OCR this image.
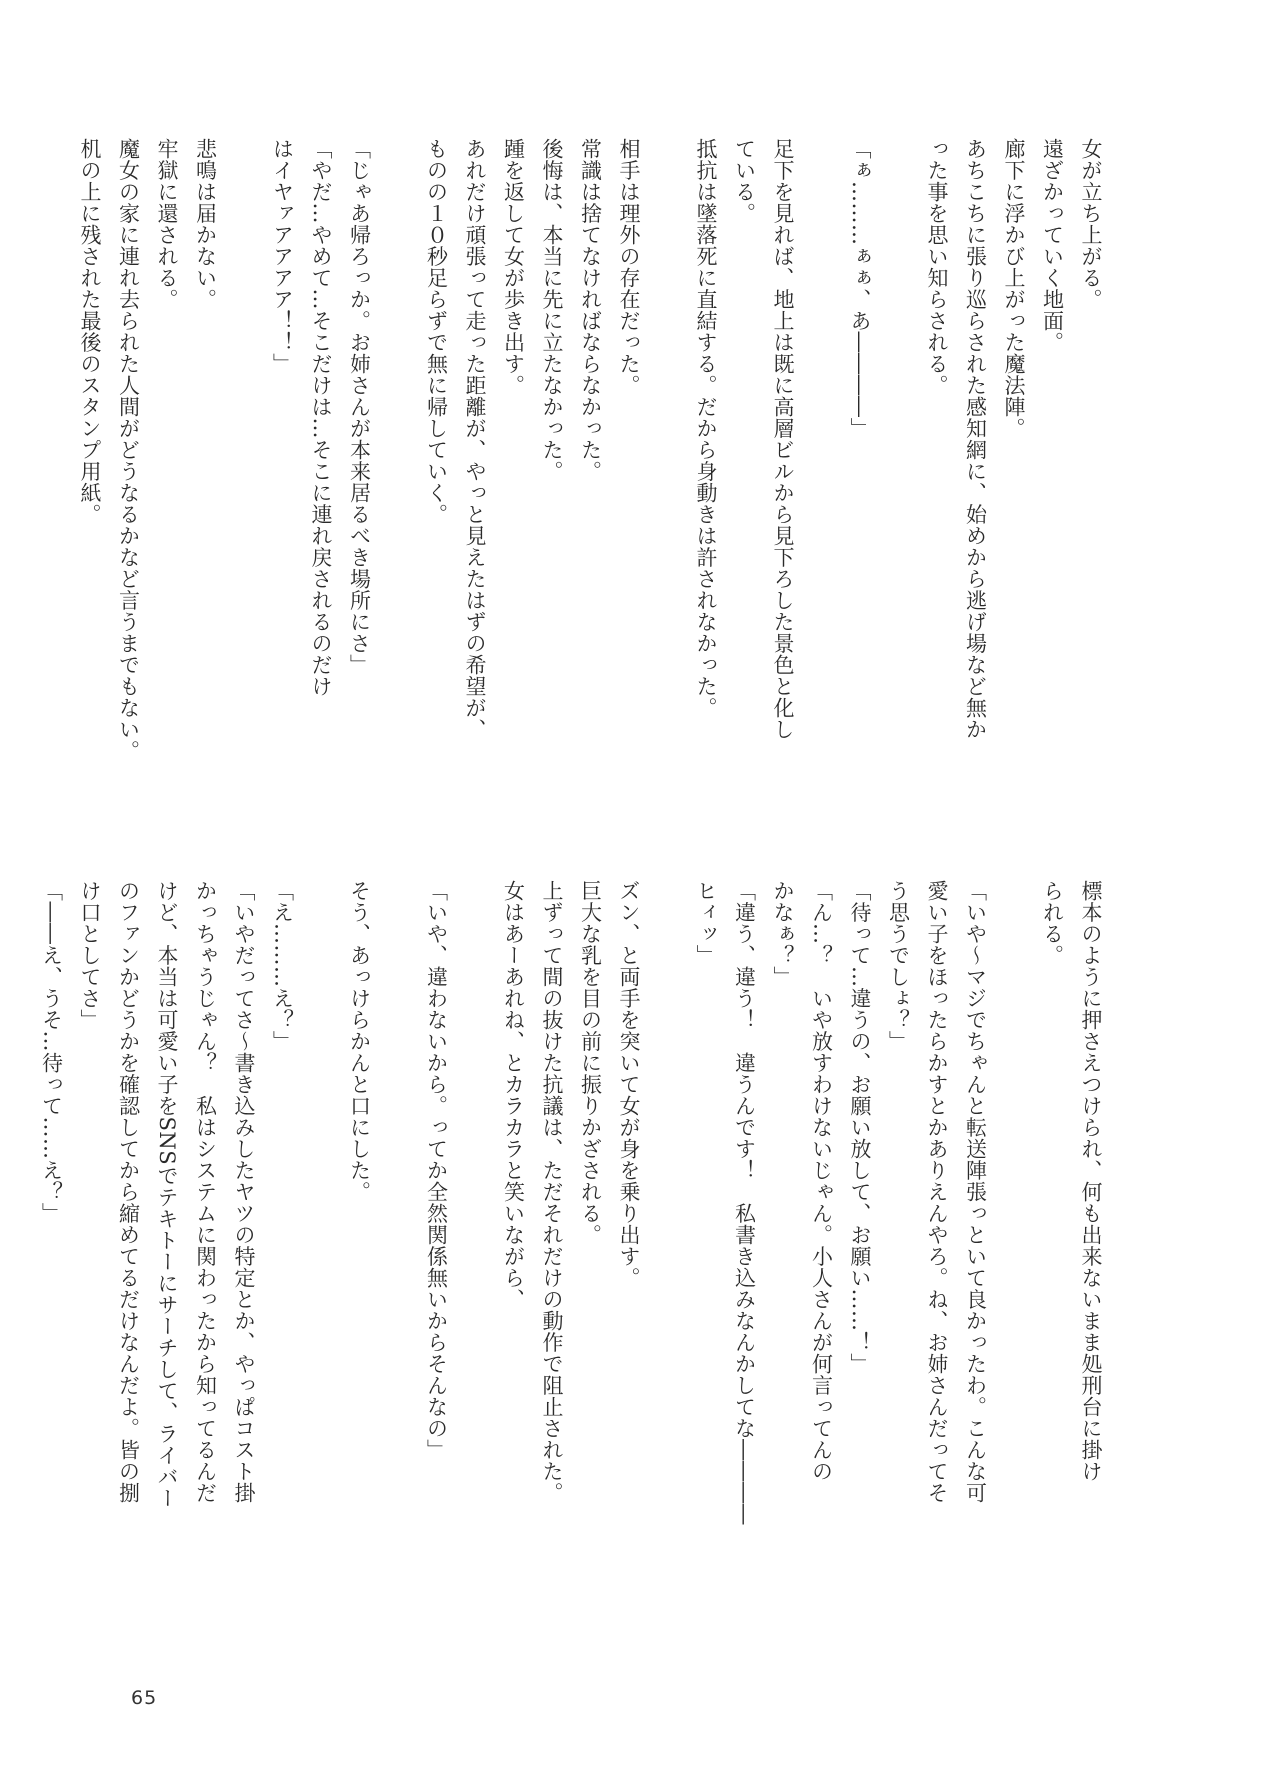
女が立ち上がる。
遠ざかっていく地面。
廊下に浮かび上がった魔法陣。
あちこちに張り巡らされた感知網に、始めから逃げ場など無か
った事を思い知らされる。
「ぁ………ぁぁ、あ――――」
足下を見れば、地上は既に高層ビルから見下ろした景色と化し
ている。
抵抗は墜落死に直結する。だから身動きは許されなかった。
相手は理外の存在だった。
常識は捨てなければならなかった。
後悔は、本当に先に立たなかった。
踵を返して女が歩き出す。
あれだけ頑張って走った距離が、やっと見えたはずの希望が、
ものの１０秒足らずで無に帰していく。
「じゃあ帰ろっか。お姉さんが本来居るべき場所にさ」
「やだ…やめて…そこだけは…そこに連れ戻されるのだけ
はイヤァアアアア！！」
悲鳴は届かない。
牢獄に還される。
魔女の家に連れ去られた人間がどうなるかなど言うまでもない。
机の上に残された最後のスタンプ用紙。
標本のように押さえつけられ、何も出来ないまま処刑台に掛け
られる。
「いや～マジでちゃんと転送陣張っといて良かったわ。こんな可
愛い子をほったらかすとかありえんやろ。ね、お姉さんだってそ
う思うでしょ？」
「待って…違うの、お願い放して、お願い……！」
「ん…？　いや放すわけないじゃん。小人さんが何言ってんの
かなぁ？」
「違う、違う！　違うんです！　私書き込みなんかしてな――――
ヒィッ」
ズン、と両手を突いて女が身を乗り出す。
巨大な乳を目の前に振りかざされる。
上ずって間の抜けた抗議は、ただそれだけの動作で阻止された。
女はあーあれね、とカラカラと笑いながら、
「いや、違わないから。ってか全然関係無いからそんなの」
そう、あっけらかんと口にした。
「え………え？」
「いやだってさ～書き込みしたヤツの特定とか、やっぱコスト掛
かっちゃうじゃん？　私はシステムに関わったから知ってるんだ
けど、本当は可愛い子をSNSでテキトーにサーチして、ライバー
のファンかどうかを確認してから縮めてるだけなんだよ。皆の捌
け口としてさ」
「――え、うそ…待って……え？」
65
